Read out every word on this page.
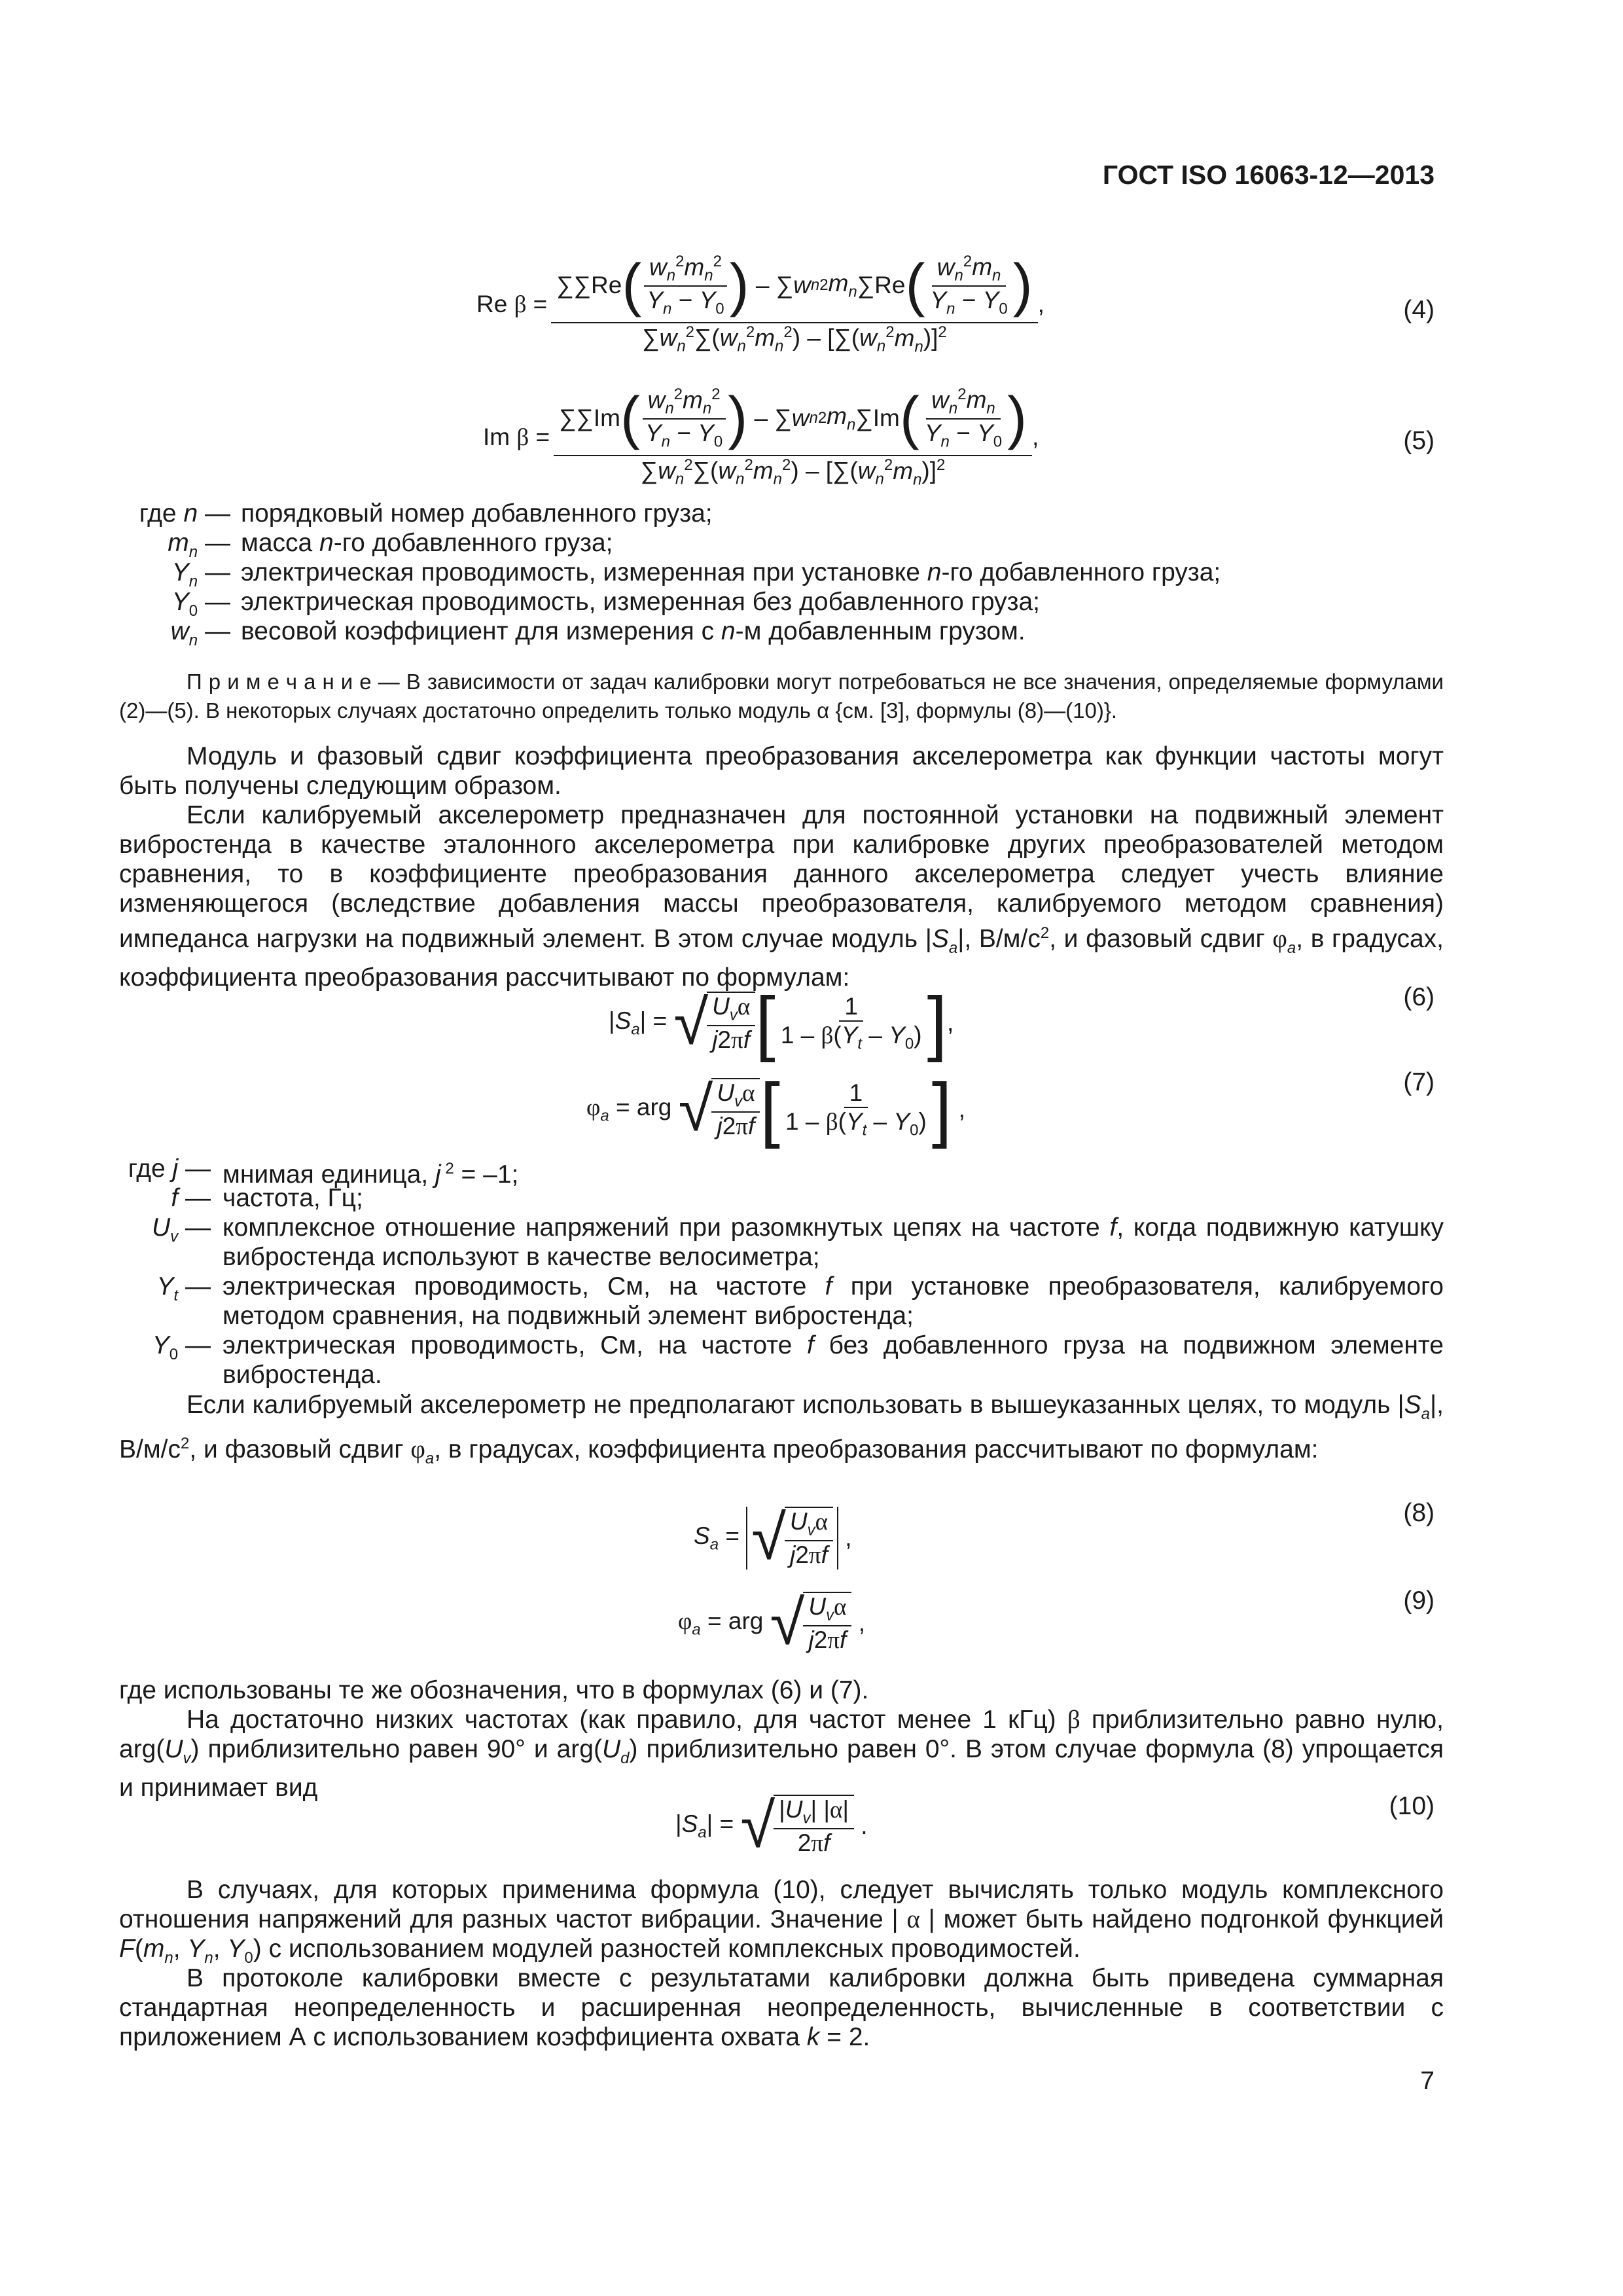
ГОСТ ISO 16063-12—2013
Re $\beta = \frac{\sum\sum Re ( \frac{w_n^2m_n^2}{Y_n - Y_0} ) - \sum w n 2 m_n \sum Re ( \frac{w_n^2m_n}{Y_n - Y_0} )}{\sum w_n^2\sum(w_n^2m_n^2) - [\sum(w_n^2m_n)]^2}$ ,	(4)
Im $\beta = \frac{\sum\sum Im ( \frac{w_n^2m_n^2}{Y_n - Y_0} ) - \sum w n 2 m_n \sum Im ( \frac{w_n^2m_n}{Y_n - Y_0} )}{\sum w_n^2\sum(w_n^2m_n^2) - [\sum(w_n^2m_n)]^2}$ ,	(5)
где n — порядковый номер добавленного груза;
$m_n$ — масса n-го добавленного груза;
$Y_n$ — электрическая проводимость, измеренная при установке n-го добавленного груза;
$Y_0$ — электрическая проводимость, измеренная без добавленного груза;
$w_n$ — весовой коэффициент для измерения с n-м добавленным грузом.
П р и м е ч а н и е — В зависимости от задач калибровки могут потребоваться не все значения, определяемые формулами (2)—(5). В некоторых случаях достаточно определить только модуль α {см. [3], формулы (8)—(10)}.
Модуль и фазовый сдвиг коэффициента преобразования акселерометра как функции частоты могут быть получены следующим образом.
Если калибруемый акселерометр предназначен для постоянной установки на подвижный элемент вибростенда в качестве эталонного акселерометра при калибровке других преобразователей методом сравнения, то в коэффициенте преобразования данного акселерометра следует учесть влияние изменяющегося (вследствие добавления массы преобразователя, калибруемого методом сравнения) импеданса нагрузки на подвижный элемент. В этом случае модуль $|S_a|$, $В/м/с^2$, и фазовый сдвиг $\varphi_a$, в градусах, коэффициента преобразования рассчитывают по формулам:
$|S_a|$ = √
$\frac{U_v\alpha}{j2\pi f}$ [ $\frac{1}{1 - \beta(Y_t - Y_0)}$ ] ,
(6)
$\varphi_a$ = arg √
$\frac{U_v\alpha}{j2\pi f}$ [ $\frac{1}{1 - \beta(Y_t - Y_0)}$ ] ,
(7)
где j — мнимая единица, j $^2$ = –1;
f — частота, Гц;
$U_v$ — комплексное отношение напряжений при разомкнутых цепях на частоте f, когда подвижную катушку вибростенда используют в качестве велосиметра;
$Y_t$ — электрическая проводимость, См, на частоте f при установке преобразователя, калибруемого методом сравнения, на подвижный элемент вибростенда;
$Y_0$ — электрическая проводимость, См, на частоте f без добавленного груза на подвижном элементе вибростенда.
Если калибруемый акселерометр не предполагают использовать в вышеуказанных целях, то модуль $|S_a|$, $В/м/с^2$, и фазовый сдвиг $\varphi_a$, в градусах, коэффициента преобразования рассчитывают по формулам:
$S_a$ = √
$\frac{U_v\alpha}{j2\pi f}$ ,
(8)
$\varphi_a$ = arg √
$\frac{U_v\alpha}{j2\pi f}$ ,
(9)
где использованы те же обозначения, что в формулах (6) и (7).
На достаточно низких частотах (как правило, для частот менее 1 кГц) β приблизительно равно нулю, $arg(U_v)$ приблизительно равен 90° и $arg(U_d)$ приблизительно равен 0°. В этом случае формула (8) упрощается и принимает вид
$|S_a|$ = √
$\frac{|U_v| |\alpha|}{2\pi f}$ .
(10)
В случаях, для которых применима формула (10), следует вычислять только модуль комплексного отношения напряжений для разных частот вибрации. Значение | α | может быть найдено подгонкой функцией $F(m_n$, $Y_n$, $Y_0$) с использованием модулей разностей комплексных проводимостей.
В протоколе калибровки вместе с результатами калибровки должна быть приведена суммарная стандартная неопределенность и расширенная неопределенность, вычисленные в соответствии с приложением А с использованием коэффициента охвата k = 2.
7
